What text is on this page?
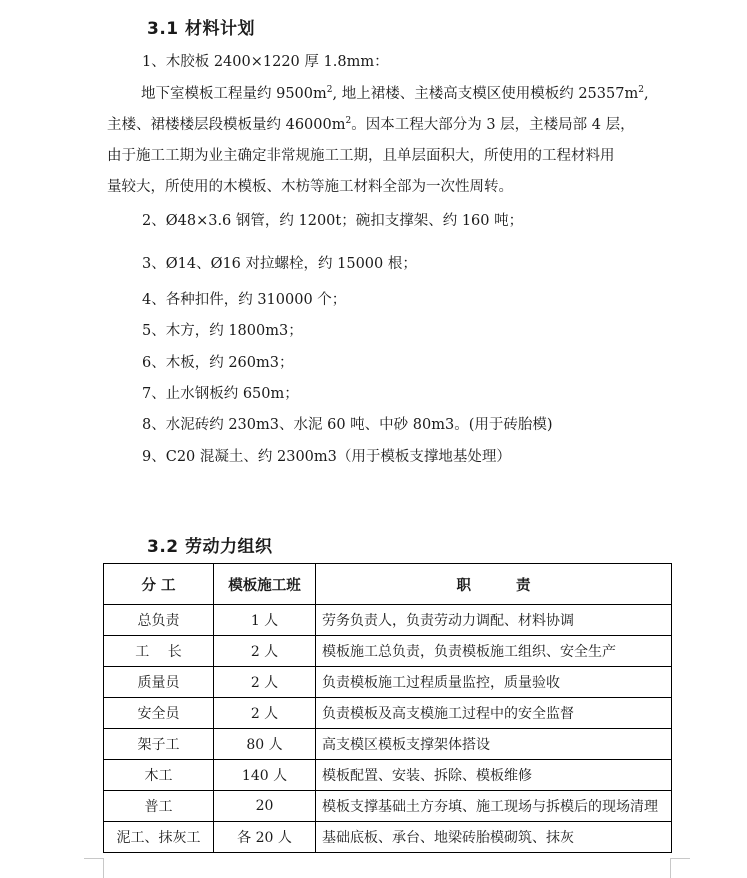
3.1 材料计划

1、木胶板 2400×1220 厚 1.8mm：

地下室模板工程量约 $9500m^2$, 地上裙楼、主楼高支模区使用模板约 $25357m^2$,
主楼、裙楼楼层段模板量约 $46000m^2$。因本工程大部分为 3 层，主楼局部 4 层，
由于施工工期为业主确定非常规施工工期，且单层面积大，所使用的工程材料用
量较大，所使用的木模板、木枋等施工材料全部为一次性周转。

2、Ø48×3.6 钢管，约 1200t；碗扣支撑架、约 160 吨；

3、Ø14、Ø16 对拉螺栓，约 15000 根；

4、各种扣件，约 310000 个；

5、木方，约 1800m3；

6、木板，约 260m3；

7、止水钢板约 650m；

8、水泥砖约 230m3、水泥 60 吨、中砂 80m3。(用于砖胎模)

9、C20 混凝土、约 2300m3（用于模板支撑地基处理）

3.2 劳动力组织
分 工	模板施工班	职 责
总负责	1 人	劳务负责人，负责劳动力调配、材料协调
工 长	2 人	模板施工总负责，负责模板施工组织、安全生产
质量员	2 人	负责模板施工过程质量监控，质量验收
安全员	2 人	负责模板及高支模施工过程中的安全监督
架子工	80 人	高支模区模板支撑架体搭设
木工	140 人	模板配置、安装、拆除、模板维修
普工	20	模板支撑基础土方夯填、施工现场与拆模后的现场清理
泥工、抹灰工	各 20 人	基础底板、承台、地梁砖胎模砌筑、抹灰
